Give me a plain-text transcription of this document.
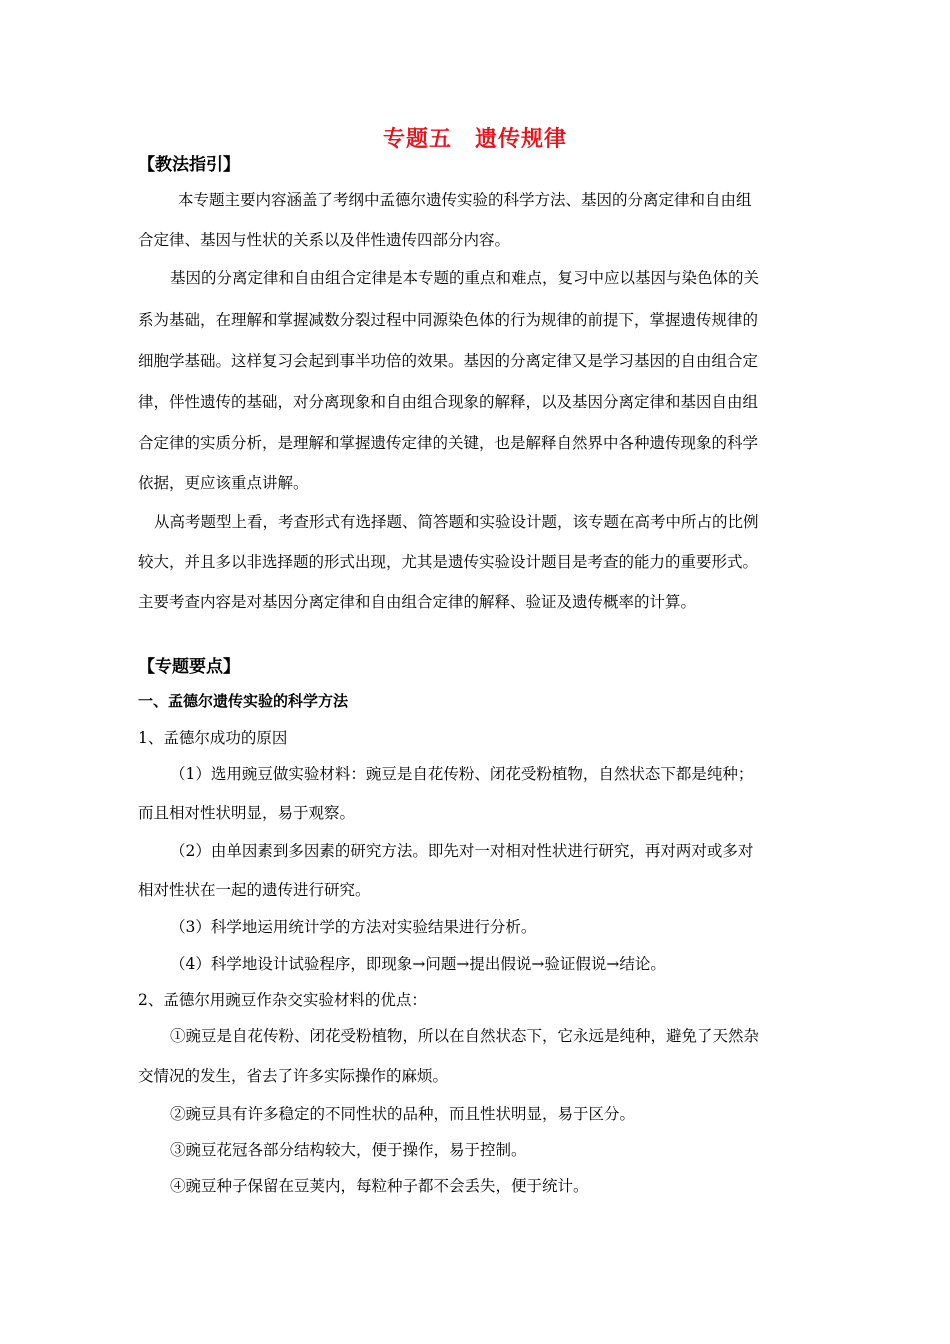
专题五　遗传规律
【教法指引】
本专题主要内容涵盖了考纲中孟德尔遗传实验的科学方法、基因的分离定律和自由组
合定律、基因与性状的关系以及伴性遗传四部分内容。
基因的分离定律和自由组合定律是本专题的重点和难点，复习中应以基因与染色体的关
系为基础，在理解和掌握减数分裂过程中同源染色体的行为规律的前提下，掌握遗传规律的
细胞学基础。这样复习会起到事半功倍的效果。基因的分离定律又是学习基因的自由组合定
律，伴性遗传的基础，对分离现象和自由组合现象的解释，以及基因分离定律和基因自由组
合定律的实质分析，是理解和掌握遗传定律的关键，也是解释自然界中各种遗传现象的科学
依据，更应该重点讲解。
从高考题型上看，考查形式有选择题、简答题和实验设计题，该专题在高考中所占的比例
较大，并且多以非选择题的形式出现，尤其是遗传实验设计题目是考查的能力的重要形式。
主要考查内容是对基因分离定律和自由组合定律的解释、验证及遗传概率的计算。
【专题要点】
一、孟德尔遗传实验的科学方法
1、孟德尔成功的原因
（1）选用豌豆做实验材料：豌豆是自花传粉、闭花受粉植物，自然状态下都是纯种；
而且相对性状明显，易于观察。
（2）由单因素到多因素的研究方法。即先对一对相对性状进行研究，再对两对或多对
相对性状在一起的遗传进行研究。
（3）科学地运用统计学的方法对实验结果进行分析。
（4）科学地设计试验程序，即现象→问题→提出假说→验证假说→结论。
2、孟德尔用豌豆作杂交实验材料的优点：
①豌豆是自花传粉、闭花受粉植物，所以在自然状态下，它永远是纯种，避免了天然杂
交情况的发生，省去了许多实际操作的麻烦。
②豌豆具有许多稳定的不同性状的品种，而且性状明显，易于区分。
③豌豆花冠各部分结构较大，便于操作，易于控制。
④豌豆种子保留在豆荚内，每粒种子都不会丢失，便于统计。
